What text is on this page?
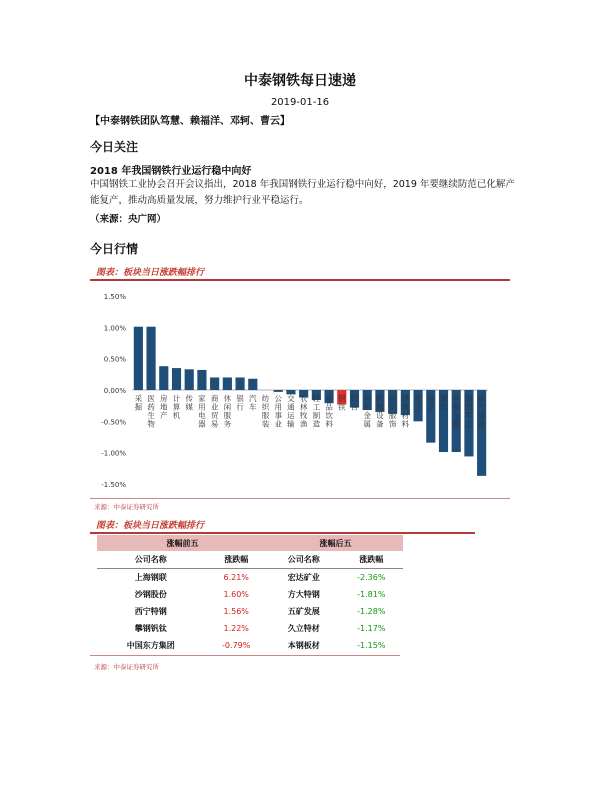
中泰钢铁每日速递
2019-01-16
【中泰钢铁团队笃慧、赖福洋、邓轲、曹云】
今日关注
2018 年我国钢铁行业运行稳中向好
中国钢铁工业协会召开会议指出，2018 年我国钢铁行业运行稳中向好，2019 年要继续防范已化解产能复产，推动高质量发展，努力维护行业平稳运行。
（来源：央广网）
今日行情
图表：板块当日涨跌幅排行
1.50%
1.00%
0.50%
0.00%
-0.50%
-1.00%
-1.50%
采掘
医药生物
房地产
计算机
传媒
家用电器
商业贸易
休闲服务
银行
汽车
纺织服装
公用事业
交通运输
农林牧渔
轻工制造
食品饮料
钢铁
综合
有色金属
机械设备
纺织服饰
建筑材料
化工
电子
通信
非银金融
国防军工
电气设备
来源：中泰证券研究所
图表：板块当日涨跌幅排行
涨幅前五		涨幅后五	
公司名称	涨跌幅	公司名称	涨跌幅
上海钢联	6.21%	宏达矿业	-2.36%
沙钢股份	1.60%	方大特钢	-1.81%
西宁特钢	1.56%	五矿发展	-1.28%
攀钢钒钛	1.22%	久立特材	-1.17%
中国东方集团	-0.79%	本钢板材	-1.15%
来源：中泰证券研究所
